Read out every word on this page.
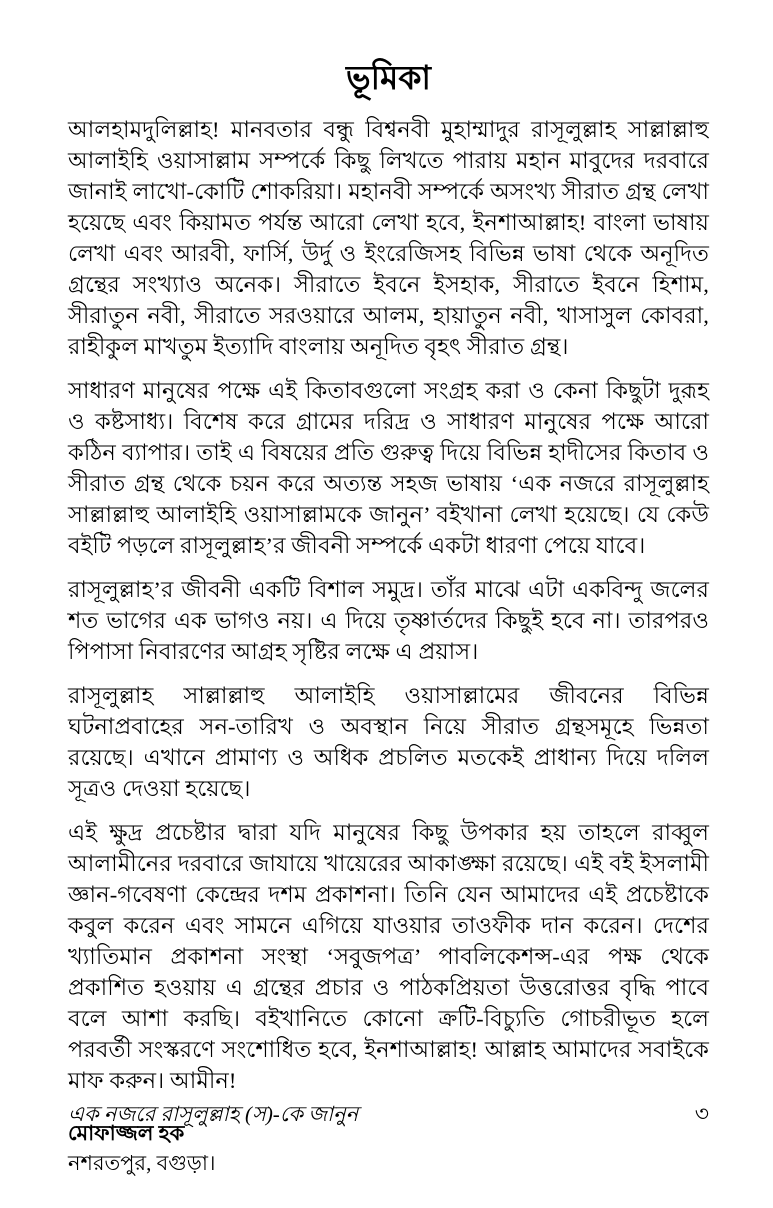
ভূমিকা

আলহামদুলিল্লাহ! মানবতার বন্ধু বিশ্বনবী মুহাম্মাদুর রাসূলুল্লাহ সাল্লাল্লাহু আলাইহি ওয়াসাল্লাম সম্পর্কে কিছু লিখতে পারায় মহান মাবুদের দরবারে জানাই লাখো-কোটি শোকরিয়া। মহানবী সম্পর্কে অসংখ্য সীরাত গ্রন্থ লেখা হয়েছে এবং কিয়ামত পর্যন্ত আরো লেখা হবে, ইনশাআল্লাহ! বাংলা ভাষায় লেখা এবং আরবী, ফার্সি, উর্দু ও ইংরেজিসহ বিভিন্ন ভাষা থেকে অনূদিত গ্রন্থের সংখ্যাও অনেক। সীরাতে ইবনে ইসহাক, সীরাতে ইবনে হিশাম, সীরাতুন নবী, সীরাতে সরওয়ারে আলম, হায়াতুন নবী, খাসাসুল কোবরা, রাহীকুল মাখতুম ইত্যাদি বাংলায় অনূদিত বৃহৎ সীরাত গ্রন্থ।

সাধারণ মানুষের পক্ষে এই কিতাবগুলো সংগ্রহ করা ও কেনা কিছুটা দুরূহ ও কষ্টসাধ্য। বিশেষ করে গ্রামের দরিদ্র ও সাধারণ মানুষের পক্ষে আরো কঠিন ব্যাপার। তাই এ বিষয়ের প্রতি গুরুত্ব দিয়ে বিভিন্ন হাদীসের কিতাব ও সীরাত গ্রন্থ থেকে চয়ন করে অত্যন্ত সহজ ভাষায় ‘এক নজরে রাসূলুল্লাহ সাল্লাল্লাহু আলাইহি ওয়াসাল্লামকে জানুন’ বইখানা লেখা হয়েছে। যে কেউ বইটি পড়লে রাসূলুল্লাহ’র জীবনী সম্পর্কে একটা ধারণা পেয়ে যাবে।

রাসূলুল্লাহ’র জীবনী একটি বিশাল সমুদ্র। তাঁর মাঝে এটা একবিন্দু জলের শত ভাগের এক ভাগও নয়। এ দিয়ে তৃষ্ণার্তদের কিছুই হবে না। তারপরও পিপাসা নিবারণের আগ্রহ সৃষ্টির লক্ষে এ প্রয়াস।

রাসূলুল্লাহ সাল্লাল্লাহু আলাইহি ওয়াসাল্লামের জীবনের বিভিন্ন ঘটনাপ্রবাহের সন-তারিখ ও অবস্থান নিয়ে সীরাত গ্রন্থসমূহে ভিন্নতা রয়েছে। এখানে প্রামাণ্য ও অধিক প্রচলিত মতকেই প্রাধান্য দিয়ে দলিল সূত্রও দেওয়া হয়েছে।

এই ক্ষুদ্র প্রচেষ্টার দ্বারা যদি মানুষের কিছু উপকার হয় তাহলে রাব্বুল আলামীনের দরবারে জাযায়ে খায়েরের আকাঙ্ক্ষা রয়েছে। এই বই ইসলামী জ্ঞান-গবেষণা কেন্দ্রের দশম প্রকাশনা। তিনি যেন আমাদের এই প্রচেষ্টাকে কবুল করেন এবং সামনে এগিয়ে যাওয়ার তাওফীক দান করেন। দেশের খ্যাতিমান প্রকাশনা সংস্থা ‘সবুজপত্র’ পাবলিকেশন্স-এর পক্ষ থেকে প্রকাশিত হওয়ায় এ গ্রন্থের প্রচার ও পাঠকপ্রিয়তা উত্তরোত্তর বৃদ্ধি পাবে বলে আশা করছি। বইখানিতে কোনো ক্রটি-বিচ্যুতি গোচরীভূত হলে পরবর্তী সংস্করণে সংশোধিত হবে, ইনশাআল্লাহ! আল্লাহ আমাদের সবাইকে মাফ করুন। আমীন!

মোফাজ্জল হক
নশরতপুর, বগুড়া।
এক নজরে রাসূলুল্লাহ (স)-কে জানুন	৩
